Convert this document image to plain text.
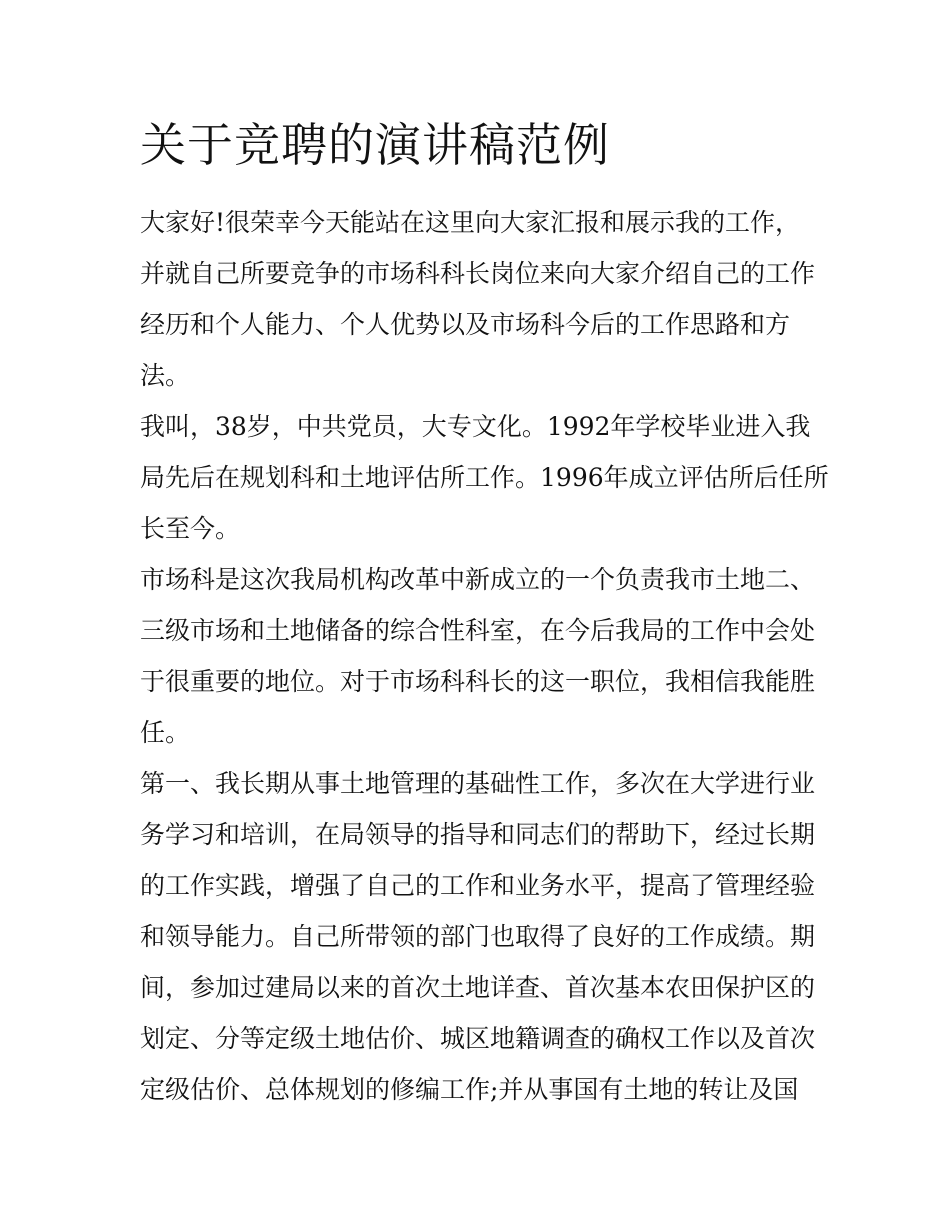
关于竞聘的演讲稿范例

大家好!很荣幸今天能站在这里向大家汇报和展示我的工作，

并就自己所要竞争的市场科科长岗位来向大家介绍自己的工作

经历和个人能力、个人优势以及市场科今后的工作思路和方

法。

我叫，38岁，中共党员，大专文化。1992年学校毕业进入我

局先后在规划科和土地评估所工作。1996年成立评估所后任所

长至今。

市场科是这次我局机构改革中新成立的一个负责我市土地二、

三级市场和土地储备的综合性科室，在今后我局的工作中会处

于很重要的地位。对于市场科科长的这一职位，我相信我能胜

任。

第一、我长期从事土地管理的基础性工作，多次在大学进行业

务学习和培训，在局领导的指导和同志们的帮助下，经过长期

的工作实践，增强了自己的工作和业务水平，提高了管理经验

和领导能力。自己所带领的部门也取得了良好的工作成绩。期

间，参加过建局以来的首次土地详查、首次基本农田保护区的

划定、分等定级土地估价、城区地籍调查的确权工作以及首次

定级估价、总体规划的修编工作;并从事国有土地的转让及国
